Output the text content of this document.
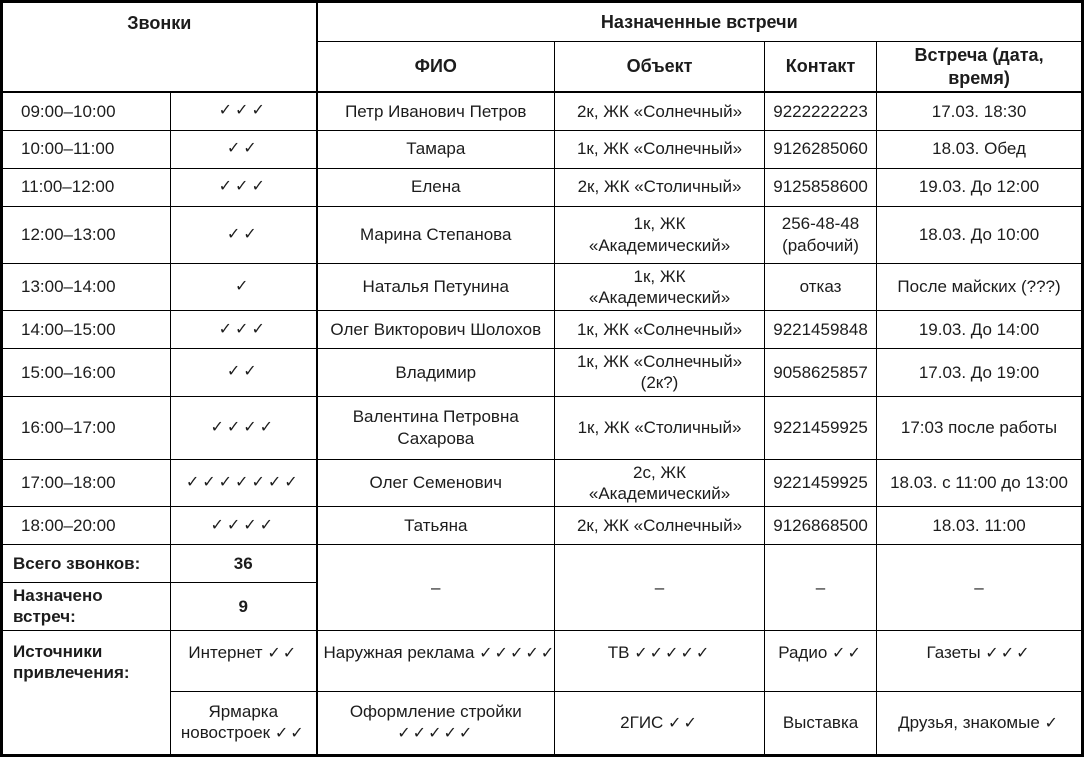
Звонки		Назначенные встречи			
		ФИО	Объект	Контакт	Встреча (дата, время)
09:00–10:00	✓✓✓	Петр Иванович Петров	2к, ЖК «Солнечный»	9222222223	17.03. 18:30
10:00–11:00	✓✓	Тамара	1к, ЖК «Солнечный»	9126285060	18.03. Обед
11:00–12:00	✓✓✓	Елена	2к, ЖК «Столичный»	9125858600	19.03. До 12:00
12:00–13:00	✓✓	Марина Степанова	1к, ЖК «Академический»	256-48-48 (рабочий)	18.03. До 10:00
13:00–14:00	✓	Наталья Петунина	1к, ЖК «Академический»	отказ	После майских (???)
14:00–15:00	✓✓✓	Олег Викторович Шолохов	1к, ЖК «Солнечный»	9221459848	19.03. До 14:00
15:00–16:00	✓✓	Владимир	1к, ЖК «Солнечный» (2к?)	9058625857	17.03. До 19:00
16:00–17:00	✓✓✓✓	Валентина Петровна Сахарова	1к, ЖК «Столичный»	9221459925	17:03 после работы
17:00–18:00	✓✓✓✓✓✓✓	Олег Семенович	2с, ЖК «Академический»	9221459925	18.03. с 11:00 до 13:00
18:00–20:00	✓✓✓✓	Татьяна	2к, ЖК «Солнечный»	9126868500	18.03. 11:00
Всего звонков:	36	–	–	–	–
Назначено встреч:	9				
Источники привлечения:	Интернет ✓✓	Наружная реклама ✓✓✓✓✓	ТВ ✓✓✓✓✓	Радио ✓✓	Газеты ✓✓✓
	Ярмарка новостроек ✓✓	Оформление стройки ✓✓✓✓✓	2ГИС ✓✓	Выставка	Друзья, знакомые ✓
